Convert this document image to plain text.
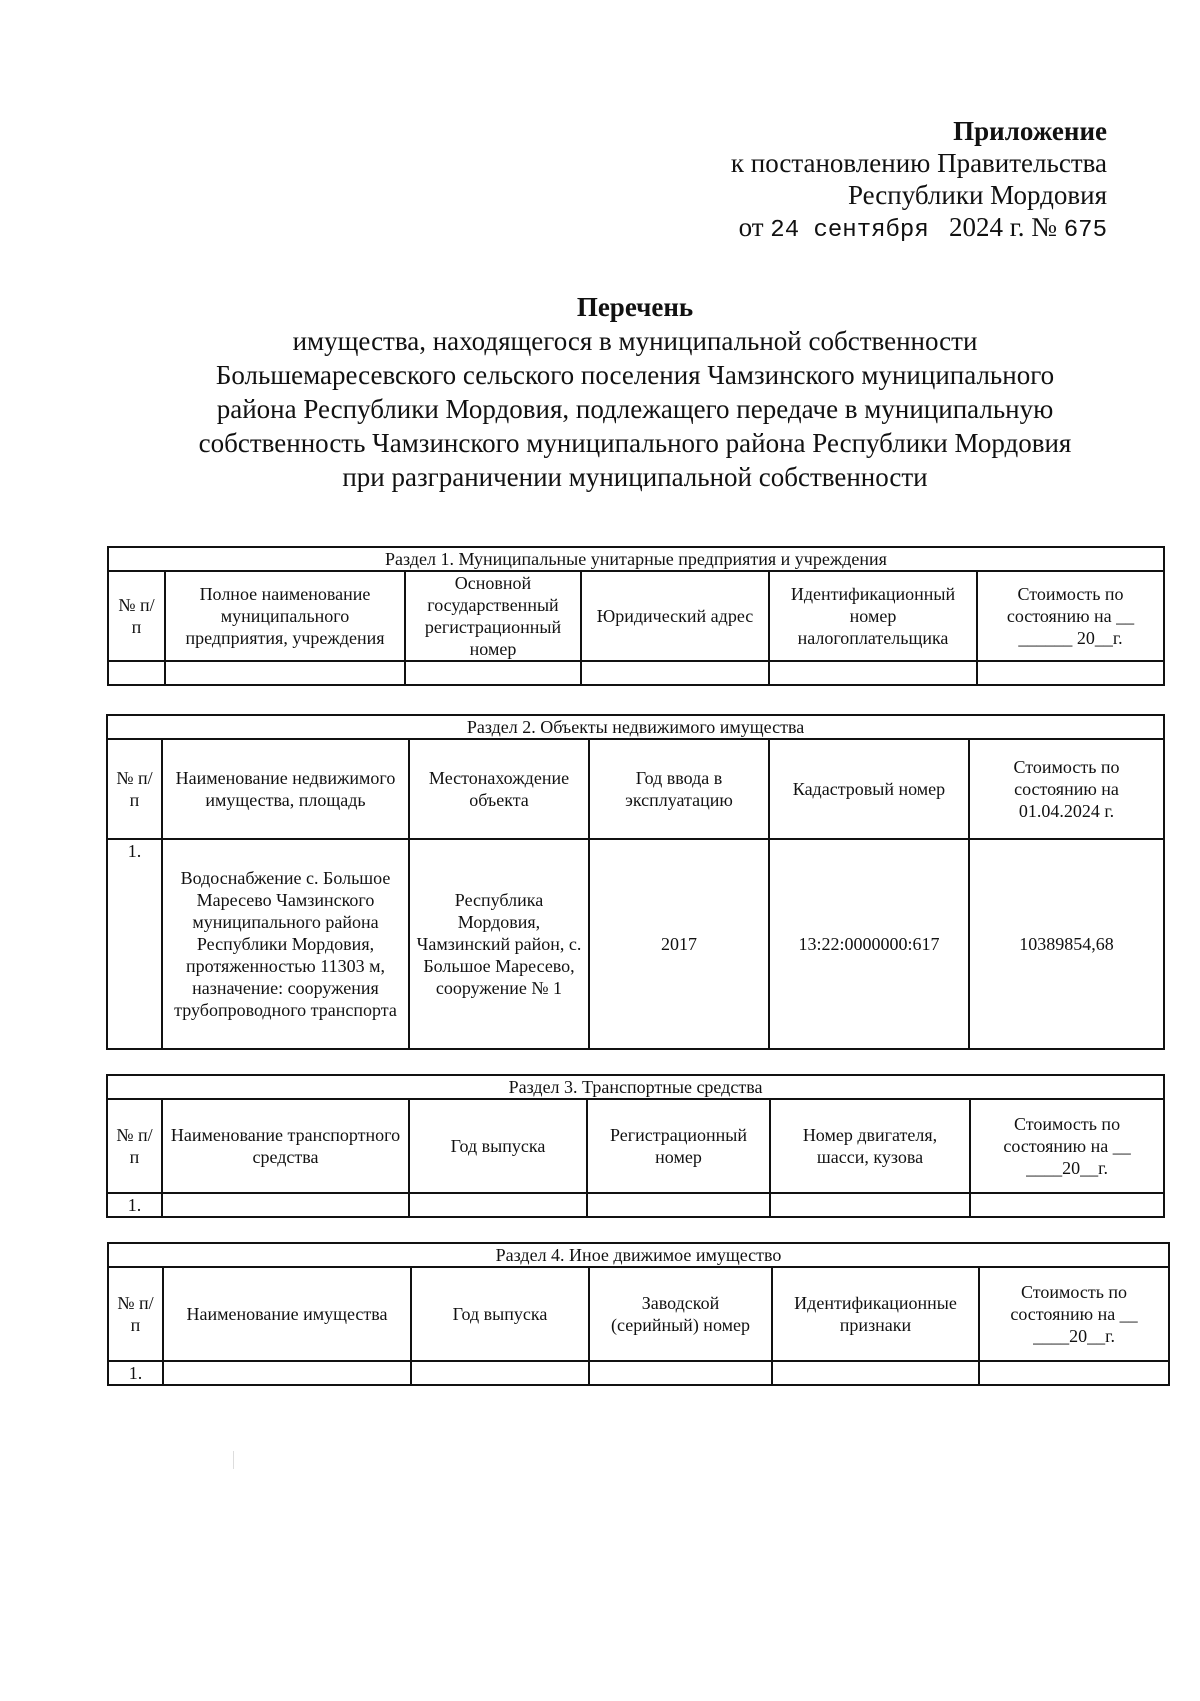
Приложение
к постановлению Правительства
Республики Мордовия
от 24 сентября 2024 г. № 675
Перечень
имущества, находящегося в муниципальной собственности
Большемаресевского сельского поселения Чамзинского муниципального
района Республики Мордовия, подлежащего передаче в муниципальную
собственность Чамзинского муниципального района Республики Мордовия
при разграничении муниципальной собственности
Раздел 1. Муниципальные унитарные предприятия и учреждения					
№ п/п	Полное наименование муниципального предприятия, учреждения	Основной государственный регистрационный номер	Юридический адрес	Идентификационный номер налогоплательщика	Стоимость по состоянию на __ ______ 20__г.

Раздел 2. Объекты недвижимого имущества					
№ п/п	Наименование недвижимого имущества, площадь	Местонахождение объекта	Год ввода в эксплуатацию	Кадастровый номер	Стоимость по состоянию на 01.04.2024 г.
1.	Водоснабжение с. Большое Маресево Чамзинского муниципального района Республики Мордовия, протяженностью 11303 м, назначение: сооружения трубопроводного транспорта	Республика Мордовия, Чамзинский район, с. Большое Маресево, сооружение № 1	2017	13:22:0000000:617	10389854,68
Раздел 3. Транспортные средства					
№ п/п	Наименование транспортного средства	Год выпуска	Регистрационный номер	Номер двигателя, шасси, кузова	Стоимость по состоянию на __ ____20__г.
1.					
Раздел 4. Иное движимое имущество					
№ п/п	Наименование имущества	Год выпуска	Заводской (серийный) номер	Идентификационные признаки	Стоимость по состоянию на __ ____20__г.
1.					
